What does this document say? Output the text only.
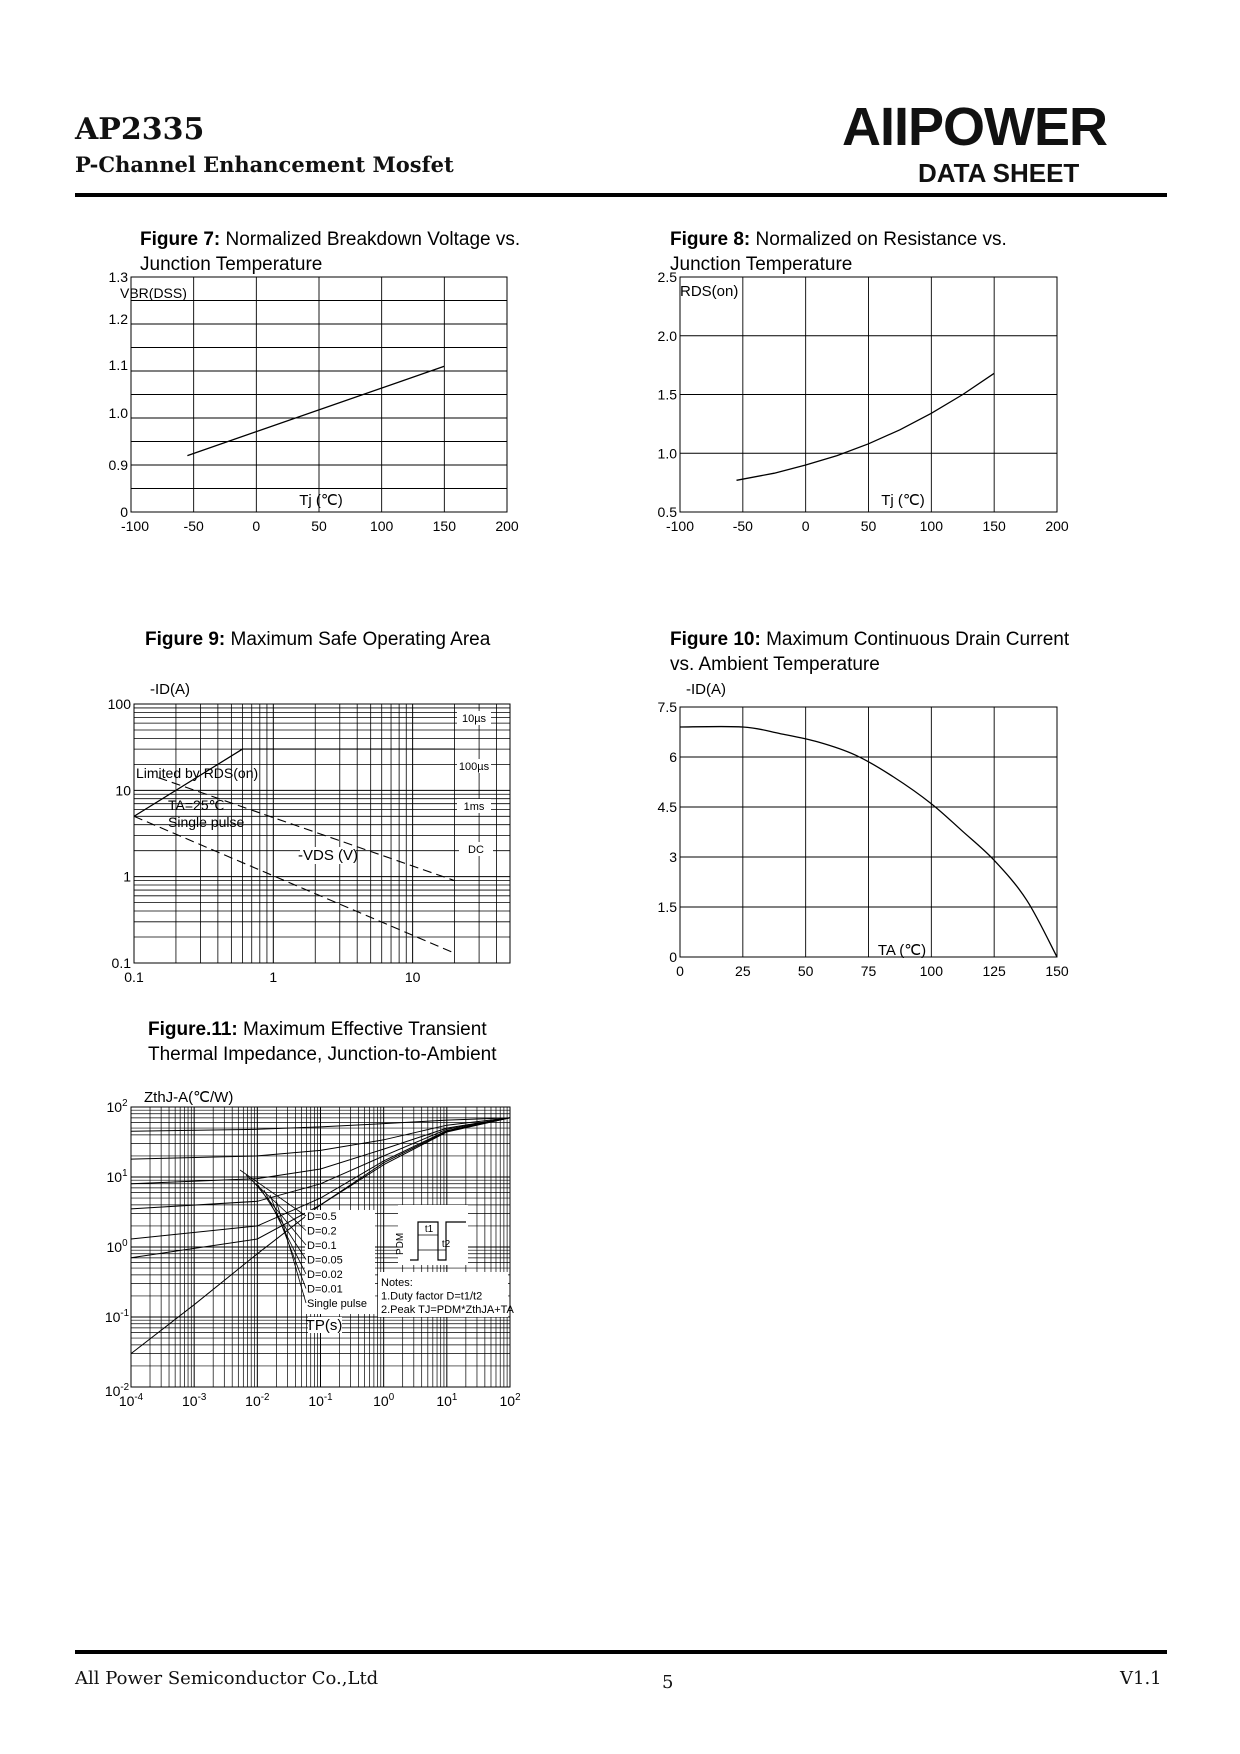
AP2335
P-Channel Enhancement Mosfet
AIIPOWER
DATA SHEET
Figure 7: Normalized Breakdown Voltage vs.
Junction Temperature
VBR(DSS)
-100 -50	0	50	100	150	200
0
0.9
1.0
1.1
1.2
1.3
Tj (℃)
Figure 8: Normalized on Resistance vs.
Junction Temperature
RDS(on)
-100	-50	0	50	100	150	200
0.5
1.0
1.5
2.0
2.5
Tj (℃)
Figure 9: Maximum Safe Operating Area
-ID(A)
0.1	1	10
100
10
1
0.1
10µs
100µs
1ms
DC
Limited by RDS(on)
TA=25℃
Single pulse
-VDS (V)
Figure 10: Maximum Continuous Drain Current
vs. Ambient Temperature
-ID(A)
0	25	50	75	100	125	150
0
1.5
3
4.5
6
7.5
TA (℃)
Figure.11: Maximum Effective Transient
Thermal Impedance, Junction-to-Ambient
ZthJ-A(℃/W)
$10^{-4}$	$10^{-3}$	$10^{-2}$	$10^{-1}$	$10^0$	$10^1$	$10^2$
$10^2$
$10^1$
$10^0$
$10^{-1}$
$10^{-2}$
D=0.5
D=0.2
D=0.1
D=0.05
D=0.02
D=0.01
Single pulse
Notes:
1.Duty factor D=t1/t2
2.Peak TJ=PDM*ZthJA+TA
PDM
t1
t2
TP(s)
All Power Semiconductor Co.,Ltd	5	V1.1
